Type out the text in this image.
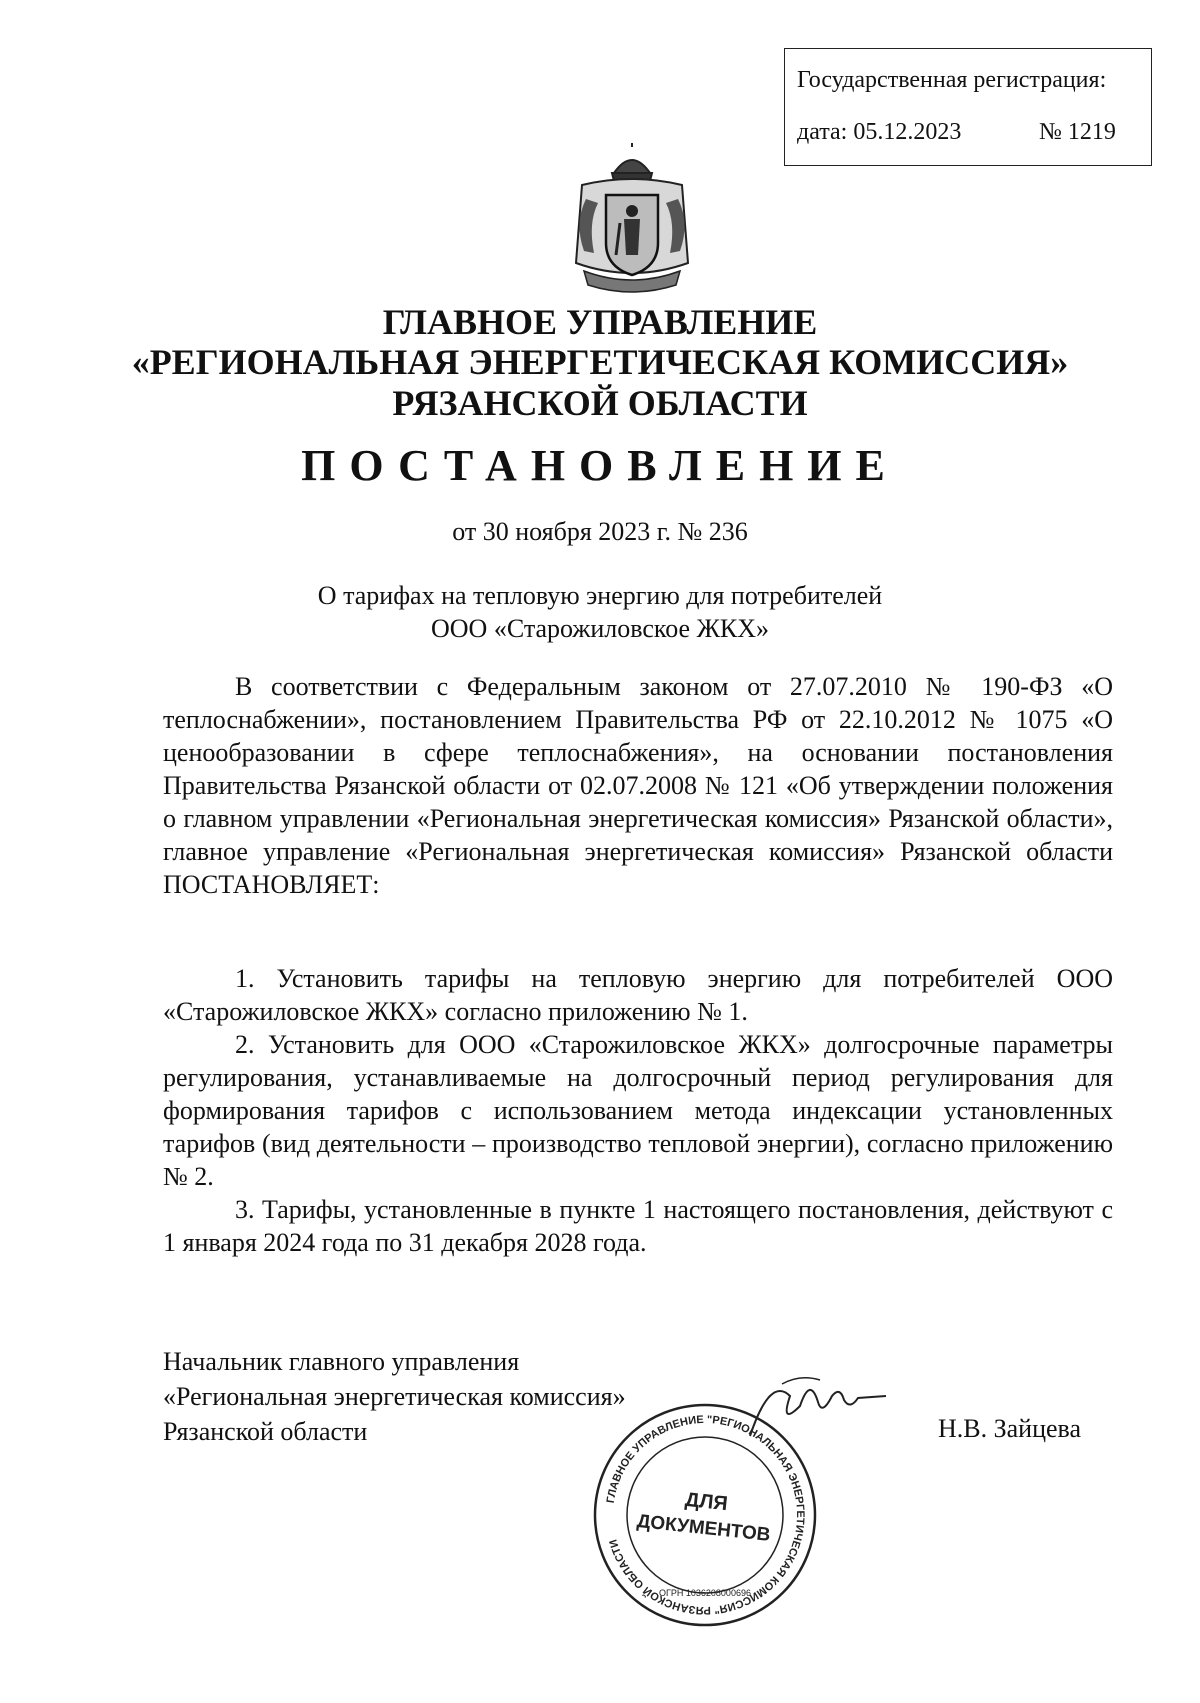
Государственная регистрация:
дата: 05.12.2023	№ 1219
ГЛАВНОЕ УПРАВЛЕНИЕ
«РЕГИОНАЛЬНАЯ ЭНЕРГЕТИЧЕСКАЯ КОМИССИЯ»
РЯЗАНСКОЙ ОБЛАСТИ
ПОСТАНОВЛЕНИЕ
от 30 ноября 2023 г. № 236
О тарифах на тепловую энергию для потребителей
ООО «Старожиловское ЖКХ»

В соответствии с Федеральным законом от 27.07.2010 № 190-ФЗ «О теплоснабжении», постановлением Правительства РФ от 22.10.2012 № 1075 «О ценообразовании в сфере теплоснабжения», на основании постановления Правительства Рязанской области от 02.07.2008 № 121 «Об утверждении положения о главном управлении «Региональная энергетическая комиссия» Рязанской области», главное управление «Региональная энергетическая комиссия» Рязанской области ПОСТАНОВЛЯЕТ:

1. Установить тарифы на тепловую энергию для потребителей ООО «Старожиловское ЖКХ» согласно приложению № 1.

2. Установить для ООО «Старожиловское ЖКХ» долгосрочные параметры регулирования, устанавливаемые на долгосрочный период регулирования для формирования тарифов с использованием метода индексации установленных тарифов (вид деятельности – производство тепловой энергии), согласно приложению № 2.

3. Тарифы, установленные в пункте 1 настоящего постановления, действуют с 1 января 2024 года по 31 декабря 2028 года.

Начальник главного управления
«Региональная энергетическая комиссия»
Рязанской области
ГЛАВНОЕ УПРАВЛЕНИЕ "РЕГИОНАЛЬНАЯ ЭНЕРГЕТИЧЕСКАЯ КОМИССИЯ" РЯЗАНСКОЙ ОБЛАСТИ
ОГРН 1036208000696
ДЛЯ
ДОКУМЕНТОВ
Н.В. Зайцева
